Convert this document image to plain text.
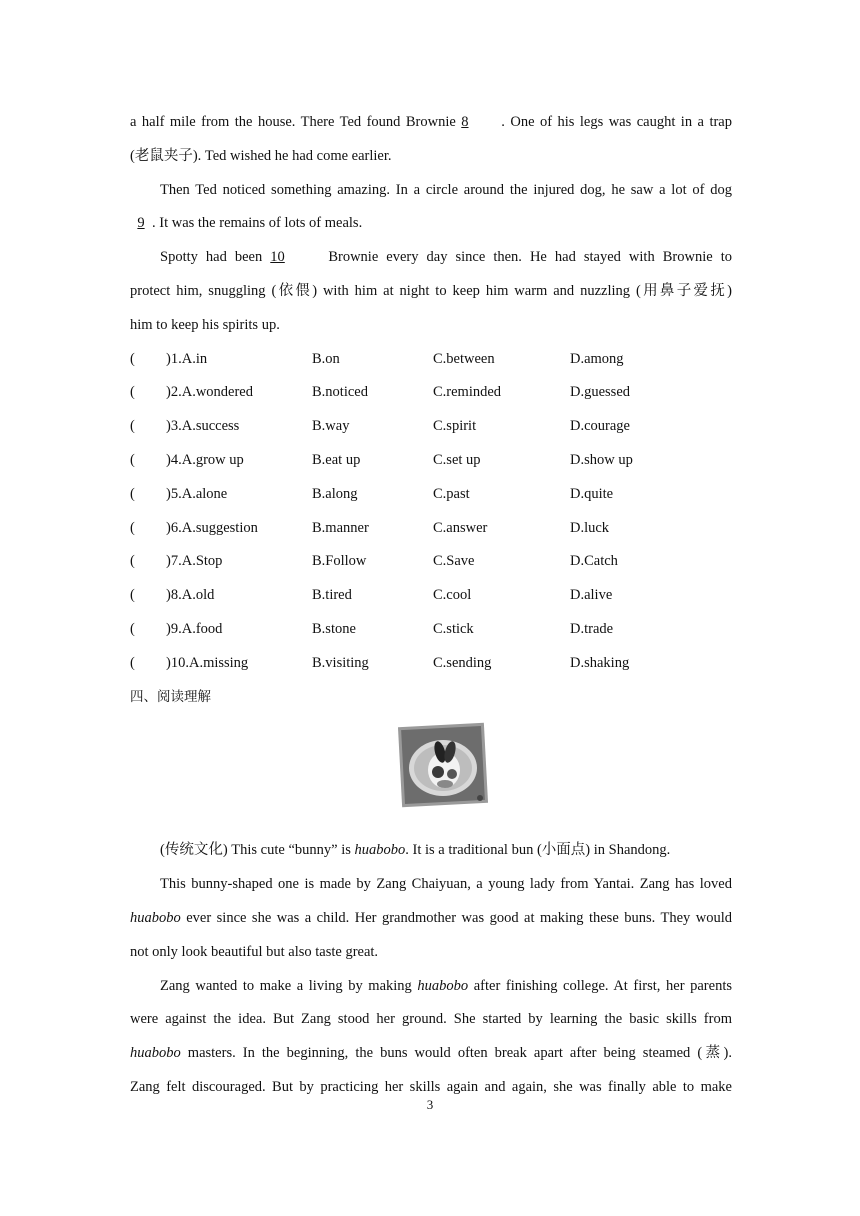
a half mile from the house. There Ted found Brownie 8 . One of his legs was caught in a trap
(老鼠夹子). Ted wished he had come earlier.
Then Ted noticed something amazing. In a circle around the injured dog, he saw a lot of dog
9 . It was the remains of lots of meals.
Spotty had been 10	Brownie every day since then. He had stayed with Brownie to
protect him, snuggling (依偎) with him at night to keep him warm and nuzzling (用鼻子爱抚)
him to keep his spirits up.
( )1.A.in	B.on	C.between	D.among
( )2.A.wondered	B.noticed	C.reminded	D.guessed
( )3.A.success	B.way	C.spirit	D.courage
( )4.A.grow up	B.eat up	C.set up	D.show up
( )5.A.alone	B.along	C.past	D.quite
( )6.A.suggestion	B.manner	C.answer	D.luck
( )7.A.Stop	B.Follow	C.Save	D.Catch
( )8.A.old	B.tired	C.cool	D.alive
( )9.A.food	B.stone	C.stick	D.trade
( )10.A.missing	B.visiting	C.sending	D.shaking
四、阅读理解
(传统文化) This cute “bunny” is huabobo. It is a traditional bun (小面点) in Shandong.
This bunny-shaped one is made by Zang Chaiyuan, a young lady from Yantai. Zang has loved
huabobo ever since she was a child. Her grandmother was good at making these buns. They would
not only look beautiful but also taste great.
Zang wanted to make a living by making huabobo after finishing college. At first, her parents
were against the idea. But Zang stood her ground. She started by learning the basic skills from
huabobo masters. In the beginning, the buns would often break apart after being steamed (蒸).
Zang felt discouraged. But by practicing her skills again and again, she was finally able to make
3
